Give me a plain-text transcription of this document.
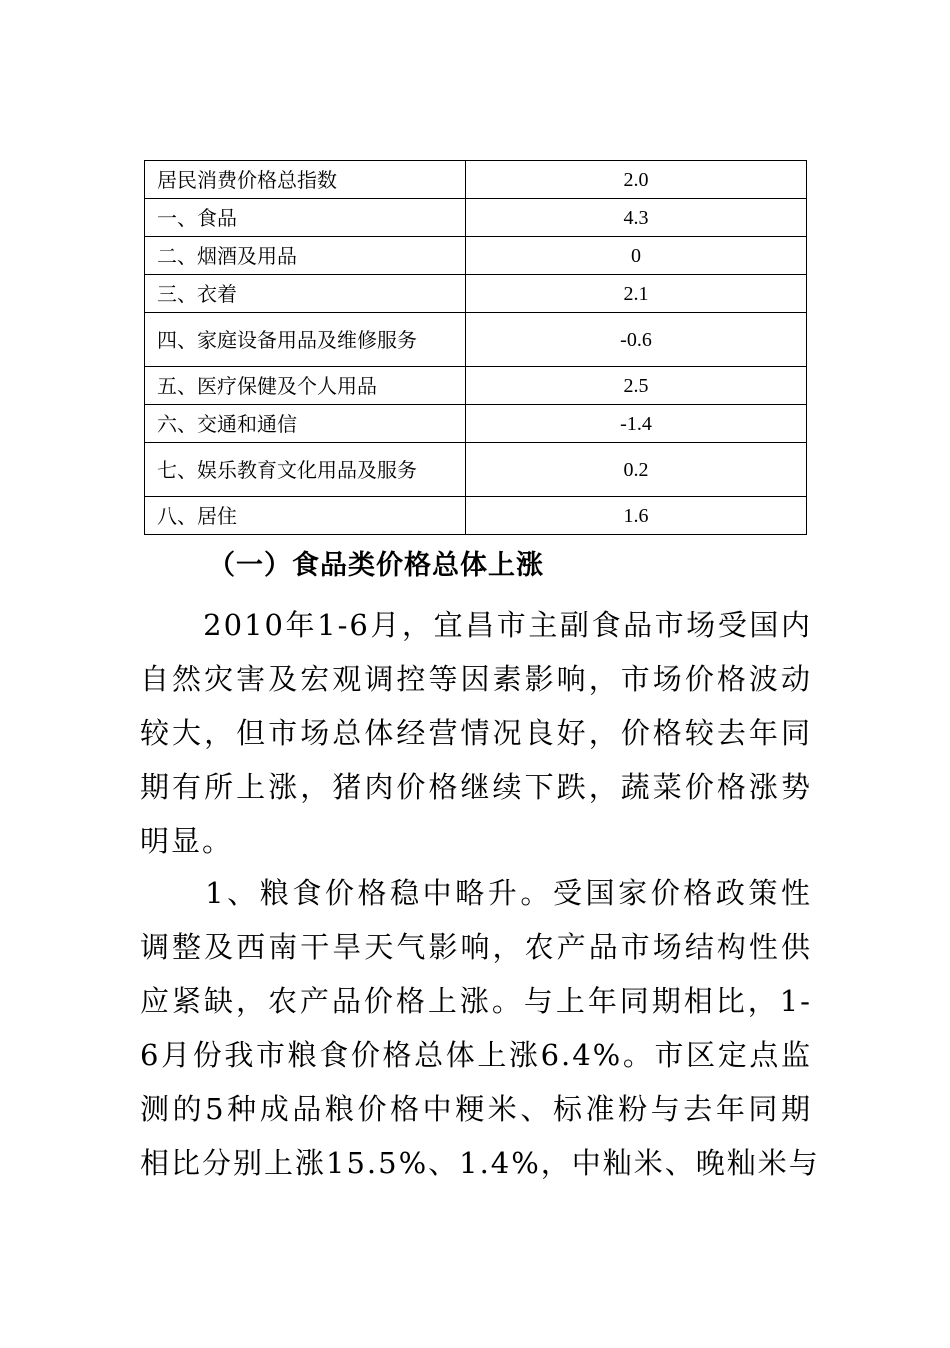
居民消费价格总指数	2.0
一、食品	4.3
二、烟酒及用品	0
三、衣着	2.1
四、家庭设备用品及维修服务	-0.6
五、医疗保健及个人用品	2.5
六、交通和通信	-1.4
七、娱乐教育文化用品及服务	0.2
八、居住	1.6
（一）食品类价格总体上涨

　　2010年1-6月，宜昌市主副食品市场受国内
自然灾害及宏观调控等因素影响，市场价格波动
较大，但市场总体经营情况良好，价格较去年同
期有所上涨，猪肉价格继续下跌，蔬菜价格涨势
明显。

　　1、粮食价格稳中略升。受国家价格政策性
调整及西南干旱天气影响，农产品市场结构性供
应紧缺，农产品价格上涨。与上年同期相比，1-
6月份我市粮食价格总体上涨6.4%。市区定点监
测的5种成品粮价格中粳米、标准粉与去年同期
相比分别上涨15.5%、1.4%，中籼米、晚籼米与
